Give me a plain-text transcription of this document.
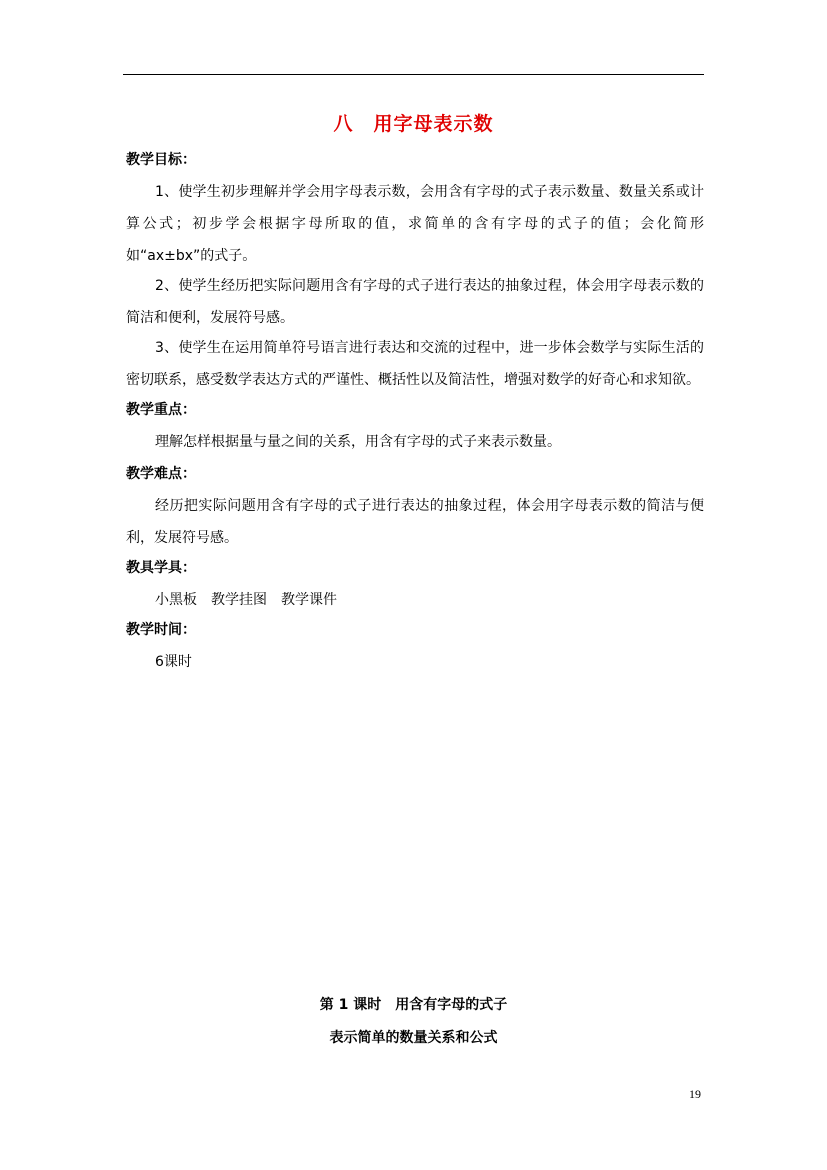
八　用字母表示数
教学目标：
1、使学生初步理解并学会用字母表示数，会用含有字母的式子表示数量、数量关系或计算公式；初步学会根据字母所取的值，求简单的含有字母的式子的值；会化简形如“ax±bx”的式子。
2、使学生经历把实际问题用含有字母的式子进行表达的抽象过程，体会用字母表示数的简洁和便利，发展符号感。
3、使学生在运用简单符号语言进行表达和交流的过程中，进一步体会数学与实际生活的密切联系，感受数学表达方式的严谨性、概括性以及简洁性，增强对数学的好奇心和求知欲。
教学重点：
理解怎样根据量与量之间的关系，用含有字母的式子来表示数量。
教学难点：
经历把实际问题用含有字母的式子进行表达的抽象过程，体会用字母表示数的简洁与便利，发展符号感。
教具学具：
小黑板　教学挂图　教学课件
教学时间：
6课时
第 1 课时　用含有字母的式子
表示简单的数量关系和公式
19
